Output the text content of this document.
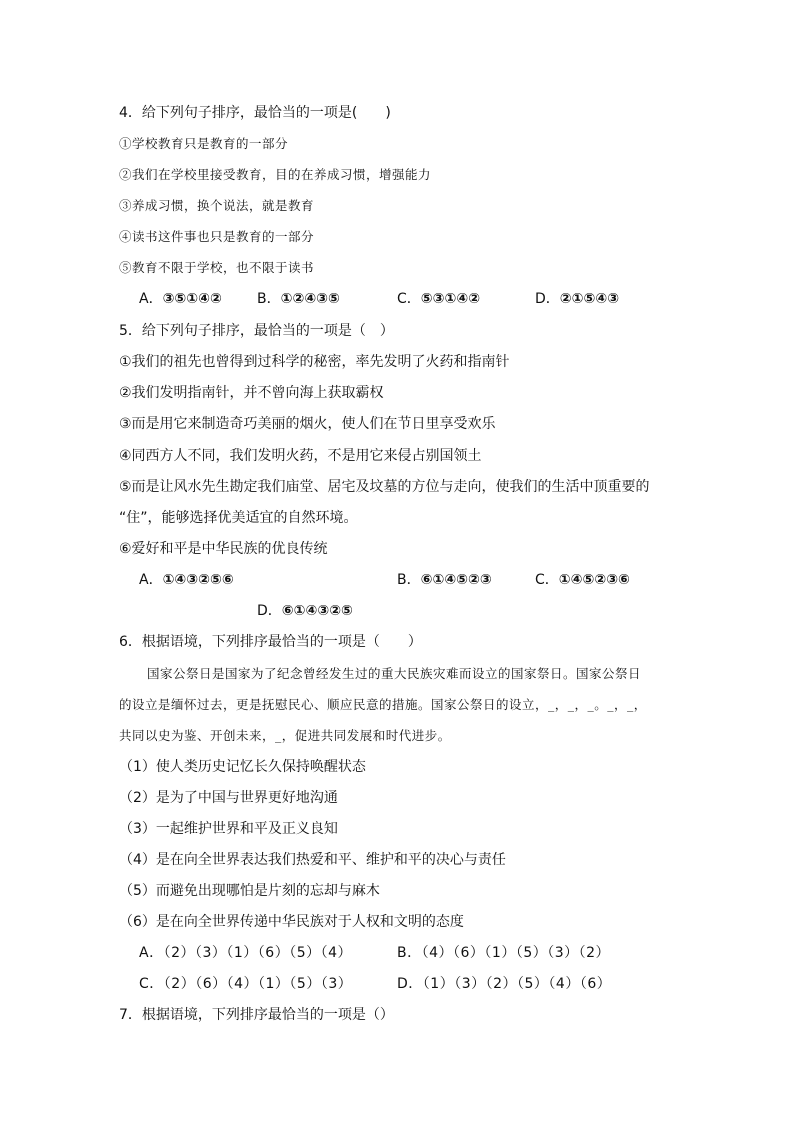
4．给下列句子排序，最恰当的一项是(　　)
①学校教育只是教育的一部分
②我们在学校里接受教育，目的在养成习惯，增强能力
③养成习惯，换个说法，就是教育
④读书这件事也只是教育的一部分
⑤教育不限于学校，也不限于读书
A．③⑤①④②	B．①②④③⑤	C．⑤③①④②	D．②①⑤④③
5．给下列句子排序，最恰当的一项是（　）
①我们的祖先也曾得到过科学的秘密，率先发明了火药和指南针
②我们发明指南针，并不曾向海上获取霸权
③而是用它来制造奇巧美丽的烟火，使人们在节日里享受欢乐
④同西方人不同，我们发明火药，不是用它来侵占别国领土
⑤而是让风水先生勘定我们庙堂、居宅及坟墓的方位与走向，使我们的生活中顶重要的
“住”，能够选择优美适宜的自然环境。
⑥爱好和平是中华民族的优良传统
A．①④③②⑤⑥	B．⑥①④⑤②③	C．①④⑤②③⑥
D．⑥①④③②⑤
6．根据语境，下列排序最恰当的一项是（　　）
国家公祭日是国家为了纪念曾经发生过的重大民族灾难而设立的国家祭日。国家公祭日
的设立是缅怀过去，更是抚慰民心、顺应民意的措施。国家公祭日的设立，_，_，_。_，_，
共同以史为鉴、开创未来，_，促进共同发展和时代进步。
（1）使人类历史记忆长久保持唤醒状态
（2）是为了中国与世界更好地沟通
（3）一起维护世界和平及正义良知
（4）是在向全世界表达我们热爱和平、维护和平的决心与责任
（5）而避免出现哪怕是片刻的忘却与麻木
（6）是在向全世界传递中华民族对于人权和文明的态度
A．（2）（3）（1）（6）（5）（4）	B．（4）（6）（1）（5）（3）（2）
C．（2）（6）（4）（1）（5）（3）	D．（1）（3）（2）（5）（4）（6）
7．根据语境，下列排序最恰当的一项是（）
